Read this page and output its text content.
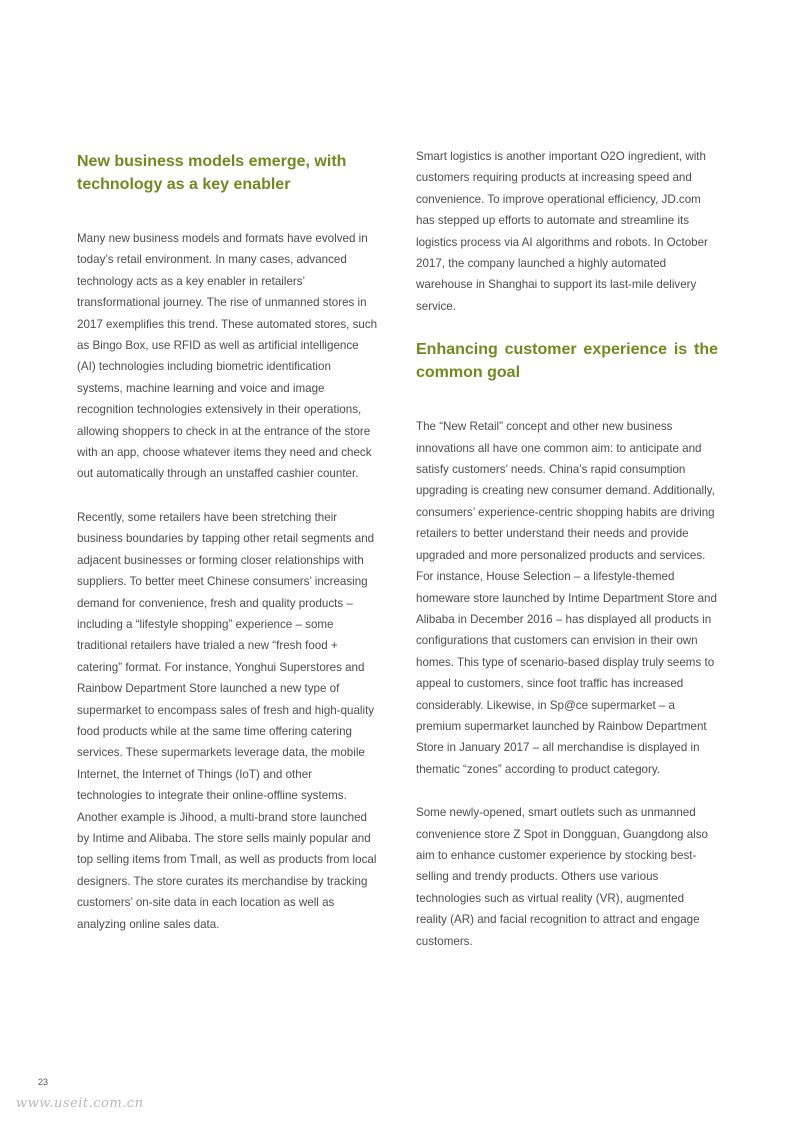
New business models emerge, with technology as a key enabler

Many new business models and formats have evolved in today’s retail environment. In many cases, advanced technology acts as a key enabler in retailers’ transformational journey. The rise of unmanned stores in 2017 exemplifies this trend. These automated stores, such as Bingo Box, use RFID as well as artificial intelligence (AI) technologies including biometric identification systems, machine learning and voice and image recognition technologies extensively in their operations, allowing shoppers to check in at the entrance of the store with an app, choose whatever items they need and check out automatically through an unstaffed cashier counter.

Recently, some retailers have been stretching their business boundaries by tapping other retail segments and adjacent businesses or forming closer relationships with suppliers. To better meet Chinese consumers’ increasing demand for convenience, fresh and quality products – including a “lifestyle shopping” experience – some traditional retailers have trialed a new “fresh food + catering” format. For instance, Yonghui Superstores and Rainbow Department Store launched a new type of supermarket to encompass sales of fresh and high-quality food products while at the same time offering catering services. These supermarkets leverage data, the mobile Internet, the Internet of Things (IoT) and other technologies to integrate their online-offline systems. Another example is Jihood, a multi-brand store launched by Intime and Alibaba. The store sells mainly popular and top selling items from Tmall, as well as products from local designers. The store curates its merchandise by tracking customers’ on-site data in each location as well as analyzing online sales data.

Smart logistics is another important O2O ingredient, with customers requiring products at increasing speed and convenience. To improve operational efficiency, JD.com has stepped up efforts to automate and streamline its logistics process via AI algorithms and robots. In October 2017, the company launched a highly automated warehouse in Shanghai to support its last-mile delivery service.

Enhancing customer experience is the common goal

The “New Retail” concept and other new business innovations all have one common aim: to anticipate and satisfy customers’ needs. China’s rapid consumption upgrading is creating new consumer demand. Additionally, consumers’ experience-centric shopping habits are driving retailers to better understand their needs and provide upgraded and more personalized products and services. For instance, House Selection – a lifestyle-themed homeware store launched by Intime Department Store and Alibaba in December 2016 – has displayed all products in configurations that customers can envision in their own homes. This type of scenario-based display truly seems to appeal to customers, since foot traffic has increased considerably. Likewise, in Sp@ce supermarket – a premium supermarket launched by Rainbow Department Store in January 2017 – all merchandise is displayed in thematic “zones” according to product category.

Some newly-opened, smart outlets such as unmanned convenience store Z Spot in Dongguan, Guangdong also aim to enhance customer experience by stocking best- selling and trendy products. Others use various technologies such as virtual reality (VR), augmented reality (AR) and facial recognition to attract and engage customers.

23
www.useit.com.cn
